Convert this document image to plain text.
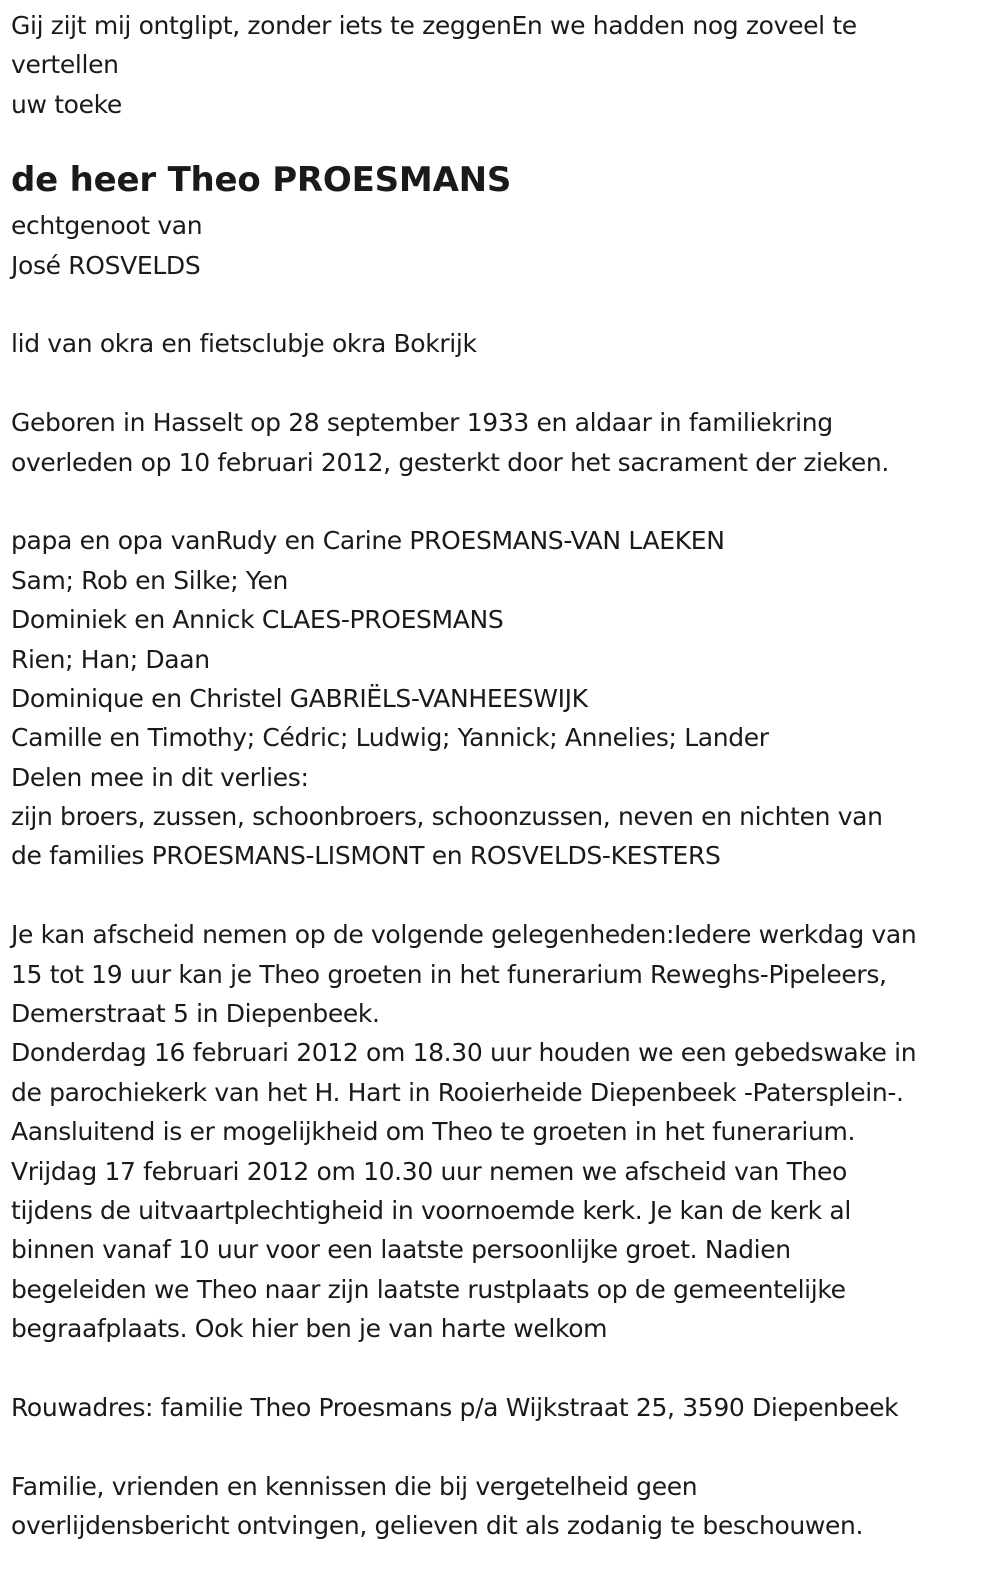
Gij zijt mij ontglipt, zonder iets te zeggenEn we hadden nog zoveel te vertellen
uw toeke
de heer Theo PROESMANS
echtgenoot van
José ROSVELDS
lid van okra en fietsclubje okra Bokrijk
Geboren in Hasselt op 28 september 1933 en aldaar in familiekring
overleden op 10 februari 2012, gesterkt door het sacrament der zieken.
papa en opa vanRudy en Carine PROESMANS-VAN LAEKEN
Sam; Rob en Silke; Yen
Dominiek en Annick CLAES-PROESMANS
Rien; Han; Daan
Dominique en Christel GABRIËLS-VANHEESWIJK
Camille en Timothy; Cédric; Ludwig; Yannick; Annelies; Lander
Delen mee in dit verlies:
zijn broers, zussen, schoonbroers, schoonzussen, neven en nichten van
de families PROESMANS-LISMONT en ROSVELDS-KESTERS
Je kan afscheid nemen op de volgende gelegenheden:Iedere werkdag van
15 tot 19 uur kan je Theo groeten in het funerarium Reweghs-Pipeleers,
Demerstraat 5 in Diepenbeek.
Donderdag 16 februari 2012 om 18.30 uur houden we een gebedswake in
de parochiekerk van het H. Hart in Rooierheide Diepenbeek -Patersplein-.
Aansluitend is er mogelijkheid om Theo te groeten in het funerarium.
Vrijdag 17 februari 2012 om 10.30 uur nemen we afscheid van Theo
tijdens de uitvaartplechtigheid in voornoemde kerk. Je kan de kerk al
binnen vanaf 10 uur voor een laatste persoonlijke groet. Nadien
begeleiden we Theo naar zijn laatste rustplaats op de gemeentelijke
begraafplaats. Ook hier ben je van harte welkom
Rouwadres: familie Theo Proesmans p/a Wijkstraat 25, 3590 Diepenbeek
Familie, vrienden en kennissen die bij vergetelheid geen
overlijdensbericht ontvingen, gelieven dit als zodanig te beschouwen.
